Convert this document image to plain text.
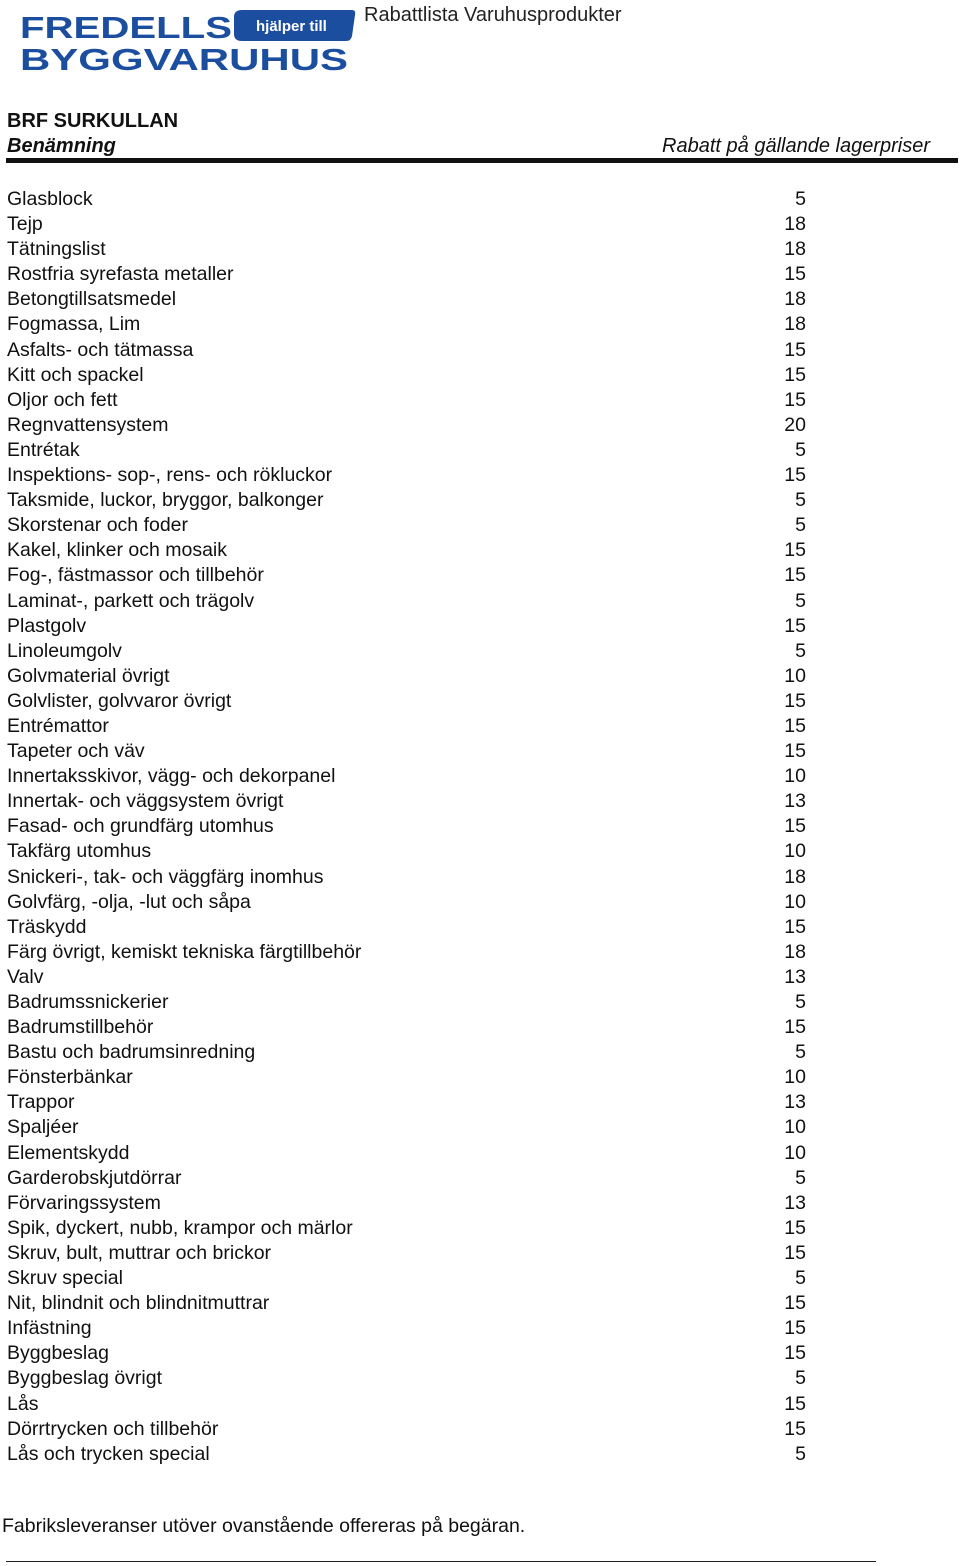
FREDELLS hjälper till
BYGGVARUHUS
Rabattlista Varuhusprodukter
BRF SURKULLAN
Benämning	Rabatt på gällande lagerpriser
Glasblock	5
Tejp	18
Tätningslist	18
Rostfria syrefasta metaller	15
Betongtillsatsmedel	18
Fogmassa, Lim	18
Asfalts- och tätmassa	15
Kitt och spackel	15
Oljor och fett	15
Regnvattensystem	20
Entrétak	5
Inspektions- sop-, rens- och rökluckor	15
Taksmide, luckor, bryggor, balkonger	5
Skorstenar och foder	5
Kakel, klinker och mosaik	15
Fog-, fästmassor och tillbehör	15
Laminat-, parkett och trägolv	5
Plastgolv	15
Linoleumgolv	5
Golvmaterial övrigt	10
Golvlister, golvvaror övrigt	15
Entrémattor	15
Tapeter och väv	15
Innertaksskivor, vägg- och dekorpanel	10
Innertak- och väggsystem övrigt	13
Fasad- och grundfärg utomhus	15
Takfärg utomhus	10
Snickeri-, tak- och väggfärg inomhus	18
Golvfärg, -olja, -lut och såpa	10
Träskydd	15
Färg övrigt, kemiskt tekniska färgtillbehör	18
Valv	13
Badrumssnickerier	5
Badrumstillbehör	15
Bastu och badrumsinredning	5
Fönsterbänkar	10
Trappor	13
Spaljéer	10
Elementskydd	10
Garderobskjutdörrar	5
Förvaringssystem	13
Spik, dyckert, nubb, krampor och märlor	15
Skruv, bult, muttrar och brickor	15
Skruv special	5
Nit, blindnit och blindnitmuttrar	15
Infästning	15
Byggbeslag	15
Byggbeslag övrigt	5
Lås	15
Dörrtrycken och tillbehör	15
Lås och trycken special	5
Fabriksleveranser utöver ovanstående offereras på begäran.
